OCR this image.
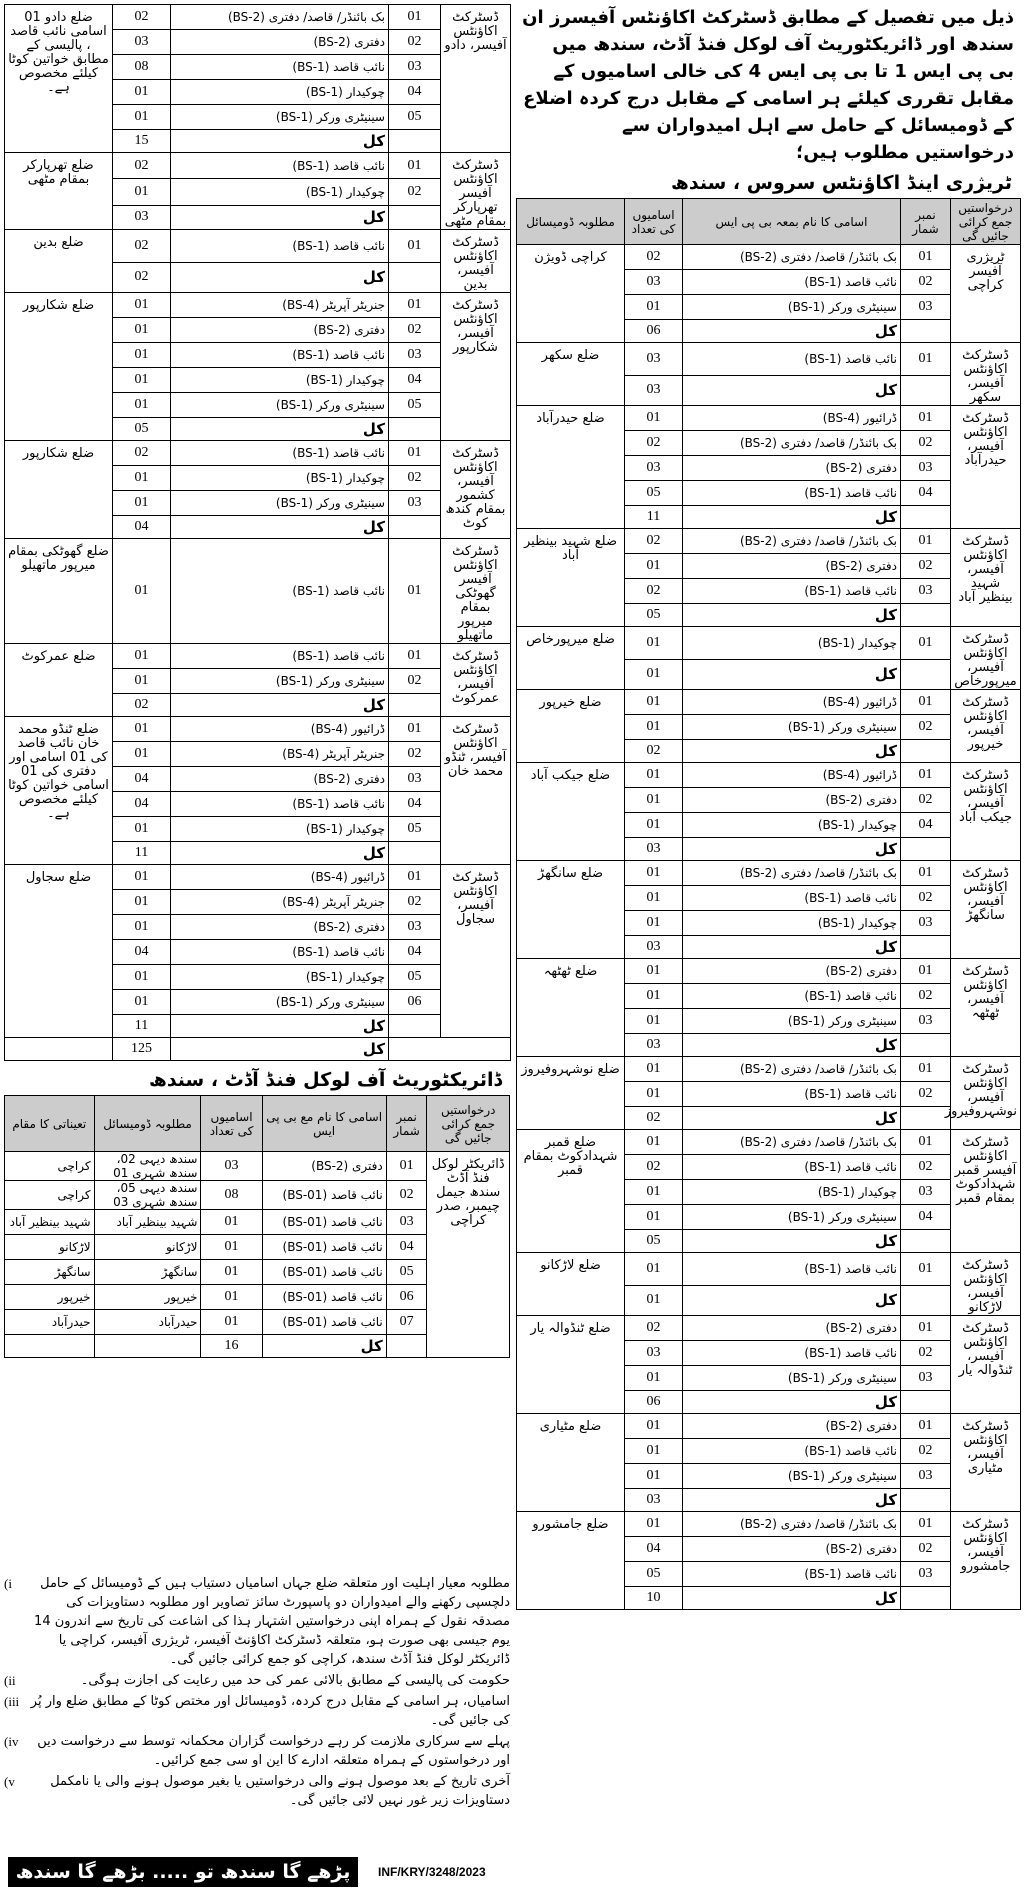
ذیل میں تفصیل کے مطابق ڈسٹرکٹ اکاؤنٹس آفیسرز ان سندھ اور ڈائریکٹوریٹ آف لوکل فنڈ آڈٹ، سندھ میں بی پی ایس 1 تا بی پی ایس 4 کی خالی اسامیوں کے مقابل تقرری کیلئے ہر اسامی کے مقابل درج کردہ اضلاع کے ڈومیسائل کے حامل سے اہل امیدواران سے درخواستیں مطلوب ہیں؛
ٹریژری اینڈ اکاؤنٹس سروس ، سندھ
مطلوبہ ڈومیسائل	اسامیوں کی تعداد	اسامی کا نام بمعہ بی پی ایس	نمبر شمار	درخواستیں جمع کرائی جائیں گی
کراچی ڈویژن	02	بک بائنڈر/ قاصد/ دفتری (BS-2)	01	ٹریژری آفیسر کراچی
	03	نائب قاصد (BS-1)	02	
	01	سینیٹری ورکر (BS-1)	03	
	06	کل		
ضلع سکھر	03	نائب قاصد (BS-1)	01	ڈسٹرکٹ اکاؤنٹس آفیسر، سکھر
	03	کل		
ضلع حیدرآباد	01	ڈرائیور (BS-4)	01	ڈسٹرکٹ اکاؤنٹس آفیسر، حیدرآباد
	02	بک بائنڈر/ قاصد/ دفتری (BS-2)	02	
	03	دفتری (BS-2)	03	
	05	نائب قاصد (BS-1)	04	
	11	کل		
ضلع شہید بینظیر آباد	02	بک بائنڈر/ قاصد/ دفتری (BS-2)	01	ڈسٹرکٹ اکاؤنٹس آفیسر، شہید بینظیر آباد
	01	دفتری (BS-2)	02	
	02	نائب قاصد (BS-1)	03	
	05	کل		
ضلع میرپورخاص	01	چوکیدار (BS-1)	01	ڈسٹرکٹ اکاؤنٹس آفیسر، میرپورخاص
	01	کل		
ضلع خیرپور	01	ڈرائیور (BS-4)	01	ڈسٹرکٹ اکاؤنٹس آفیسر، خیرپور
	01	سینیٹری ورکر (BS-1)	02	
	02	کل		
ضلع جیکب آباد	01	ڈرائیور (BS-4)	01	ڈسٹرکٹ اکاؤنٹس آفیسر، جیکب آباد
	01	دفتری (BS-2)	02	
	01	چوکیدار (BS-1)	04	
	03	کل		
ضلع سانگھڑ	01	بک بائنڈر/ قاصد/ دفتری (BS-2)	01	ڈسٹرکٹ اکاؤنٹس آفیسر، سانگھڑ
	01	نائب قاصد (BS-1)	02	
	01	چوکیدار (BS-1)	03	
	03	کل		
ضلع ٹھٹھہ	01	دفتری (BS-2)	01	ڈسٹرکٹ اکاؤنٹس آفیسر، ٹھٹھہ
	01	نائب قاصد (BS-1)	02	
	01	سینیٹری ورکر (BS-1)	03	
	03	کل		
ضلع نوشہروفیروز	01	بک بائنڈر/ قاصد/ دفتری (BS-2)	01	ڈسٹرکٹ اکاؤنٹس آفیسر، نوشہروفیروز
	01	نائب قاصد (BS-1)	02	
	02	کل		
ضلع قمبر شہدادکوٹ بمقام قمبر	01	بک بائنڈر/ قاصد/ دفتری (BS-2)	01	ڈسٹرکٹ اکاؤنٹس آفیسر قمبر شہدادکوٹ بمقام قمبر
	02	نائب قاصد (BS-1)	02	
	01	چوکیدار (BS-1)	03	
	01	سینیٹری ورکر (BS-1)	04	
	05	کل		
ضلع لاڑکانو	01	نائب قاصد (BS-1)	01	ڈسٹرکٹ اکاؤنٹس آفیسر، لاڑکانو
	01	کل		
ضلع ٹنڈوالہ یار	02	دفتری (BS-2)	01	ڈسٹرکٹ اکاؤنٹس آفیسر، ٹنڈوالہ یار
	03	نائب قاصد (BS-1)	02	
	01	سینیٹری ورکر (BS-1)	03	
	06	کل		
ضلع مٹیاری	01	دفتری (BS-2)	01	ڈسٹرکٹ اکاؤنٹس آفیسر، مٹیاری
	01	نائب قاصد (BS-1)	02	
	01	سینیٹری ورکر (BS-1)	03	
	03	کل		
ضلع جامشورو	01	بک بائنڈر/ قاصد/ دفتری (BS-2)	01	ڈسٹرکٹ اکاؤنٹس آفیسر، جامشورو
	04	دفتری (BS-2)	02	
	05	نائب قاصد (BS-1)	03	
	10	کل		
ضلع دادو 01 اسامی نائب قاصد ، پالیسی کے مطابق خواتین کوٹا کیلئے مخصوص ہے۔	02	بک بائنڈر/ قاصد/ دفتری (BS-2)	01	ڈسٹرکٹ اکاؤنٹس آفیسر، دادو
	03	دفتری (BS-2)	02	
	08	نائب قاصد (BS-1)	03	
	01	چوکیدار (BS-1)	04	
	01	سینیٹری ورکر (BS-1)	05	
	15	کل		
ضلع تھرپارکر بمقام مٹھی	02	نائب قاصد (BS-1)	01	ڈسٹرکٹ اکاؤنٹس آفیسر تھرپارکر بمقام مٹھی
	01	چوکیدار (BS-1)	02	
	03	کل		
ضلع بدین	02	نائب قاصد (BS-1)	01	ڈسٹرکٹ اکاؤنٹس آفیسر، بدین
	02	کل		
ضلع شکارپور	01	جنریٹر آپریٹر (BS-4)	01	ڈسٹرکٹ اکاؤنٹس آفیسر، شکارپور
	01	دفتری (BS-2)	02	
	01	نائب قاصد (BS-1)	03	
	01	چوکیدار (BS-1)	04	
	01	سینیٹری ورکر (BS-1)	05	
	05	کل		
ضلع شکارپور	02	نائب قاصد (BS-1)	01	ڈسٹرکٹ اکاؤنٹس آفیسر، کشمور بمقام کندھ کوٹ
	01	چوکیدار (BS-1)	02	
	01	سینیٹری ورکر (BS-1)	03	
	04	کل		
ضلع گھوٹکی بمقام میرپور ماتھیلو	01	نائب قاصد (BS-1)	01	ڈسٹرکٹ اکاؤنٹس آفیسر گھوٹکی بمقام میرپور ماتھیلو
ضلع عمرکوٹ	01	نائب قاصد (BS-1)	01	ڈسٹرکٹ اکاؤنٹس آفیسر، عمرکوٹ
	01	سینیٹری ورکر (BS-1)	02	
	02	کل		
ضلع ٹنڈو محمد خان نائب قاصد کی 01 اسامی اور دفتری کی 01 اسامی خواتین کوٹا کیلئے مخصوص ہے۔	01	ڈرائیور (BS-4)	01	ڈسٹرکٹ اکاؤنٹس آفیسر، ٹنڈو محمد خان
	01	جنریٹر آپریٹر (BS-4)	02	
	04	دفتری (BS-2)	03	
	04	نائب قاصد (BS-1)	04	
	01	چوکیدار (BS-1)	05	
	11	کل		
ضلع سجاول	01	ڈرائیور (BS-4)	01	ڈسٹرکٹ اکاؤنٹس آفیسر، سجاول
	01	جنریٹر آپریٹر (BS-4)	02	
	01	دفتری (BS-2)	03	
	04	نائب قاصد (BS-1)	04	
	01	چوکیدار (BS-1)	05	
	01	سینیٹری ورکر (BS-1)	06	
	11	کل		
	125	کل		
ڈائریکٹوریٹ آف لوکل فنڈ آڈٹ ، سندھ
تعیناتی کا مقام	مطلوبہ ڈومیسائل	اسامیوں کی تعداد	اسامی کا نام مع بی پی ایس	نمبر شمار	درخواستیں جمع کرائی جائیں گی
کراچی	سندھ دیہی 02، سندھ شہری 01	03	دفتری (BS-2)	01	ڈائریکٹر لوکل فنڈ آڈٹ سندھ جیمل چیمبر، صدر کراچی
کراچی	سندھ دیہی 05، سندھ شہری 03	08	نائب قاصد (BS-01)	02	
شہید بینظیر آباد	شہید بینظیر آباد	01	نائب قاصد (BS-01)	03	
لاڑکانو	لاڑکانو	01	نائب قاصد (BS-01)	04	
سانگھڑ	سانگھڑ	01	نائب قاصد (BS-01)	05	
خیرپور	خیرپور	01	نائب قاصد (BS-01)	06	
حیدرآباد	حیدرآباد	01	نائب قاصد (BS-01)	07	
		16	کل		
(i	مطلوبہ معیار اہلیت اور متعلقہ ضلع جہاں اسامیاں دستیاب ہیں کے ڈومیسائل کے حامل دلچسپی رکھنے والے امیدواران دو پاسپورٹ سائز تصاویر اور مطلوبہ دستاویزات کی مصدقہ نقول کے ہمراہ اپنی درخواستیں اشتہار ہذا کی اشاعت کی تاریخ سے اندرون 14 یوم جیسی بھی صورت ہو، متعلقہ ڈسٹرکٹ اکاؤنٹ آفیسر، ٹریژری آفیسر، کراچی یا ڈائریکٹر لوکل فنڈ آڈٹ سندھ، کراچی کو جمع کرائی جائیں گی۔
(ii	حکومت کی پالیسی کے مطابق بالائی عمر کی حد میں رعایت کی اجازت ہوگی۔
(iii اسامیاں، ہر اسامی کے مقابل درج کردہ، ڈومیسائل اور مختص کوٹا کے مطابق ضلع وار پُر کی جائیں گی۔
(iv	پہلے سے سرکاری ملازمت کر رہے درخواست گزاران محکمانہ توسط سے درخواست دیں اور درخواستوں کے ہمراہ متعلقہ ادارے کا این او سی جمع کرائیں۔
(v	آخری تاریخ کے بعد موصول ہونے والی درخواستیں یا بغیر موصول ہونے والی یا نامکمل دستاویزات زیر غور نہیں لائی جائیں گی۔
پڑھے گا سندھ تو ..... بڑھے گا سندھ	INF/KRY/3248/2023
